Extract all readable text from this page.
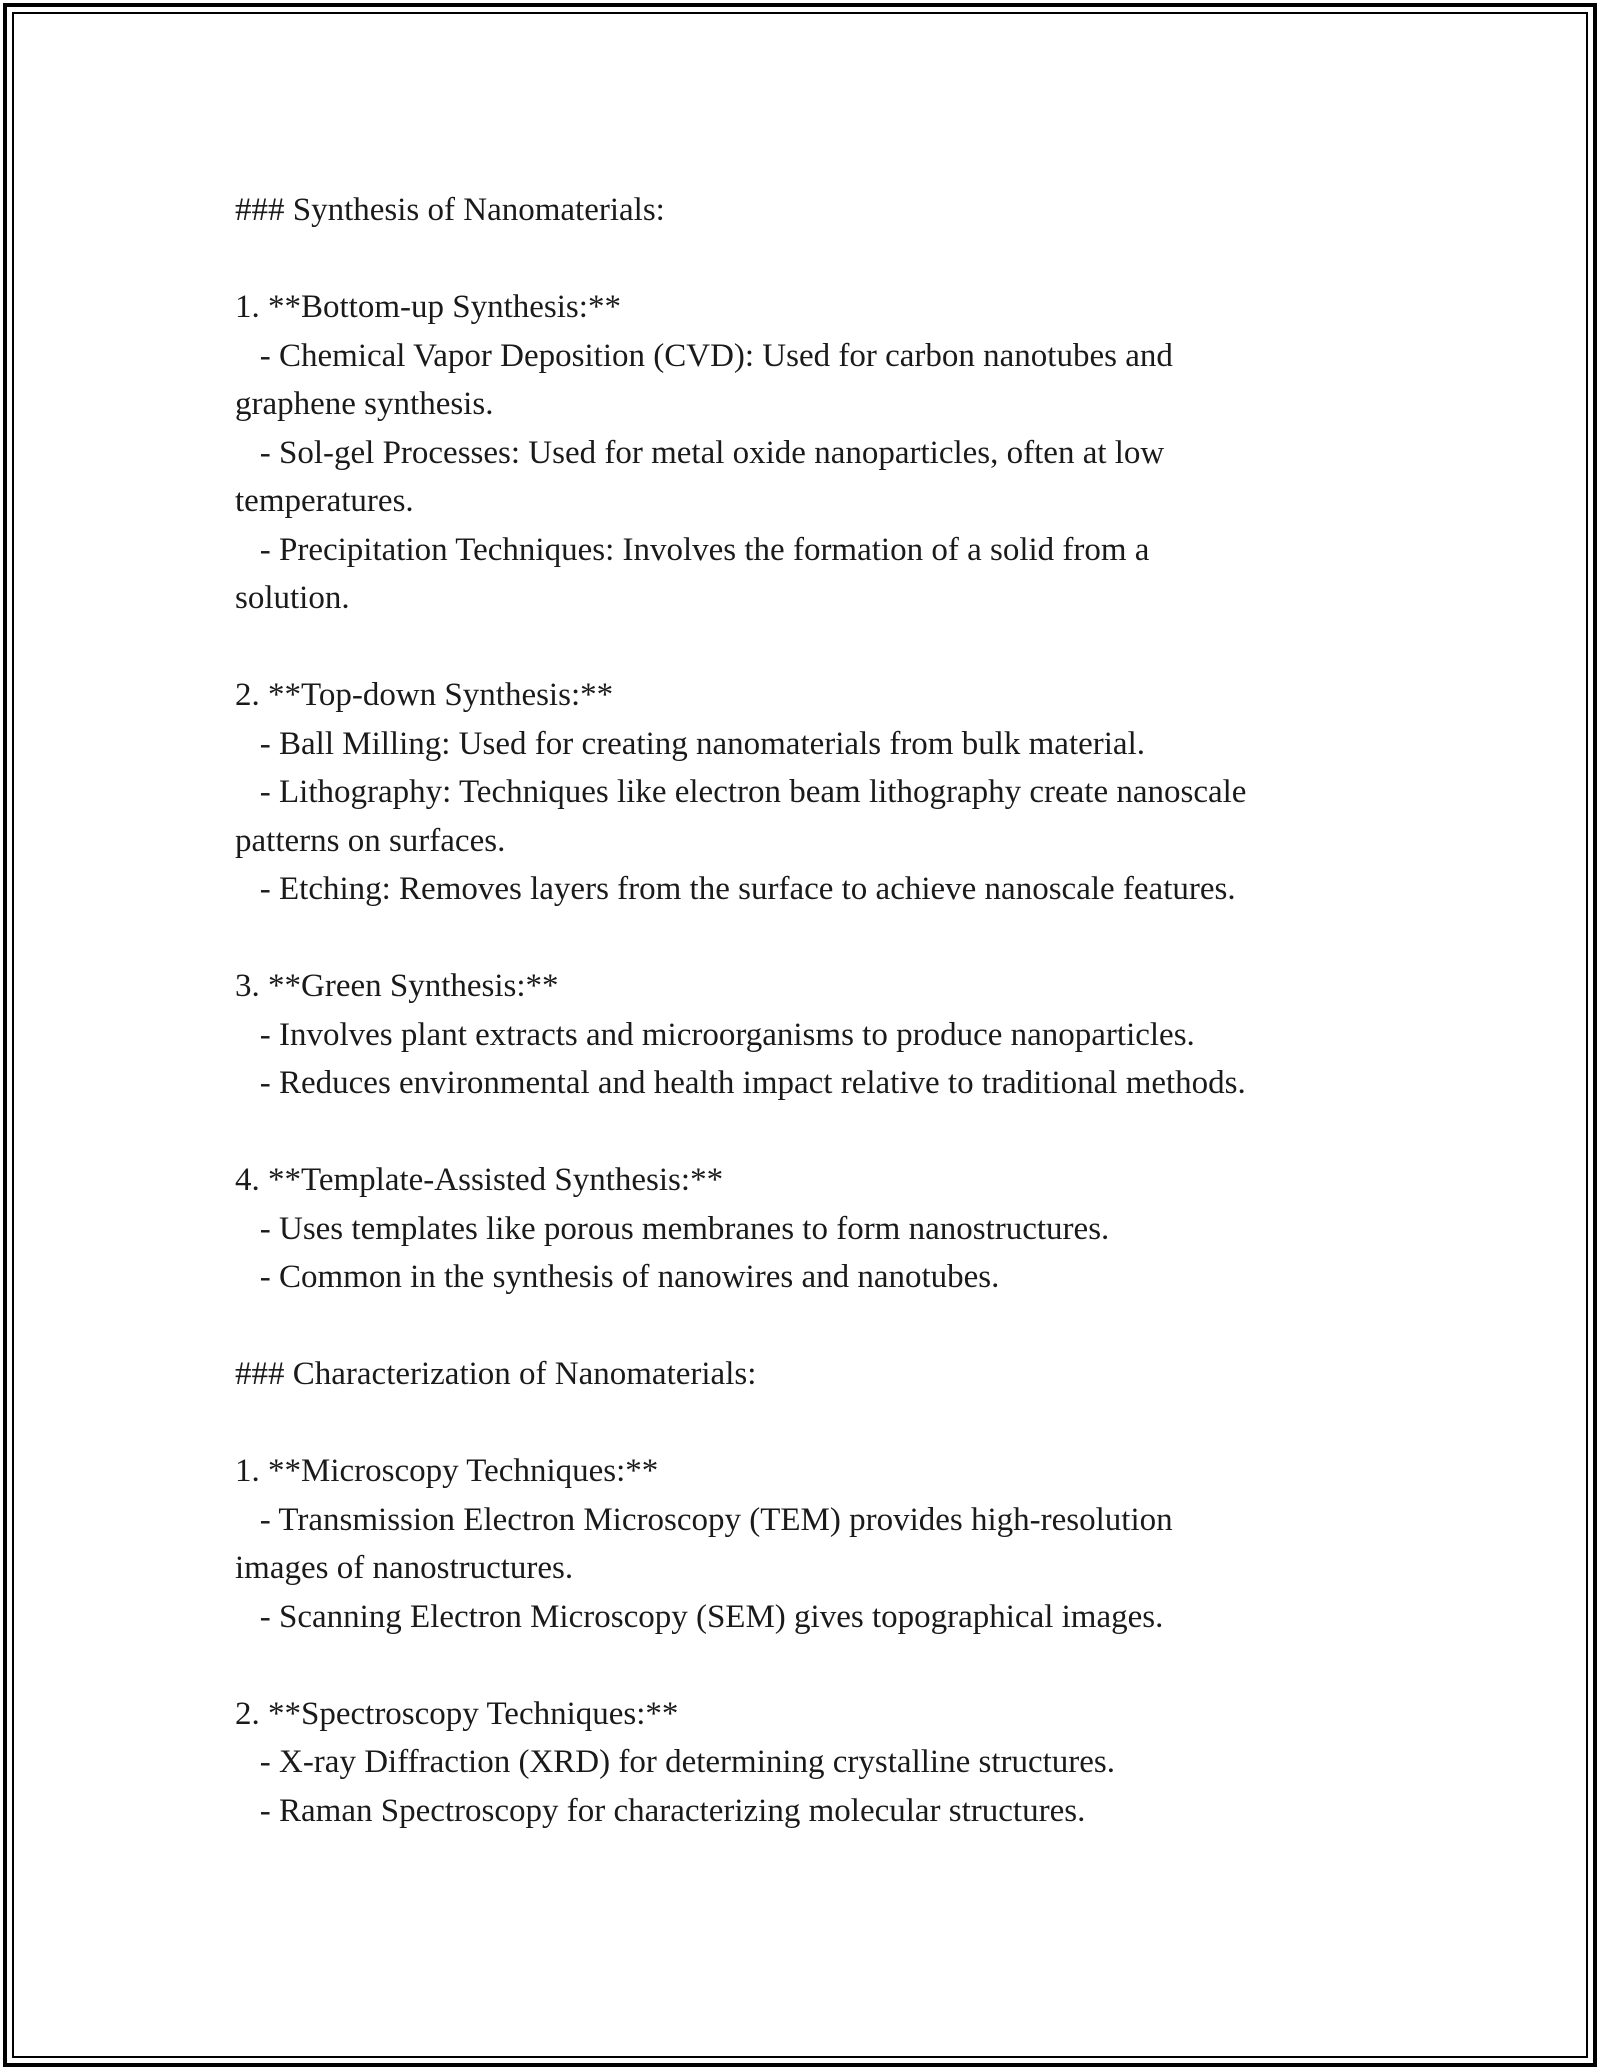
### Synthesis of Nanomaterials:
1. **Bottom-up Synthesis:**
- Chemical Vapor Deposition (CVD): Used for carbon nanotubes and
graphene synthesis.
- Sol-gel Processes: Used for metal oxide nanoparticles, often at low
temperatures.
- Precipitation Techniques: Involves the formation of a solid from a
solution.
2. **Top-down Synthesis:**
- Ball Milling: Used for creating nanomaterials from bulk material.
- Lithography: Techniques like electron beam lithography create nanoscale
patterns on surfaces.
- Etching: Removes layers from the surface to achieve nanoscale features.
3. **Green Synthesis:**
- Involves plant extracts and microorganisms to produce nanoparticles.
- Reduces environmental and health impact relative to traditional methods.
4. **Template-Assisted Synthesis:**
- Uses templates like porous membranes to form nanostructures.
- Common in the synthesis of nanowires and nanotubes.
### Characterization of Nanomaterials:
1. **Microscopy Techniques:**
- Transmission Electron Microscopy (TEM) provides high-resolution
images of nanostructures.
- Scanning Electron Microscopy (SEM) gives topographical images.
2. **Spectroscopy Techniques:**
- X-ray Diffraction (XRD) for determining crystalline structures.
- Raman Spectroscopy for characterizing molecular structures.
